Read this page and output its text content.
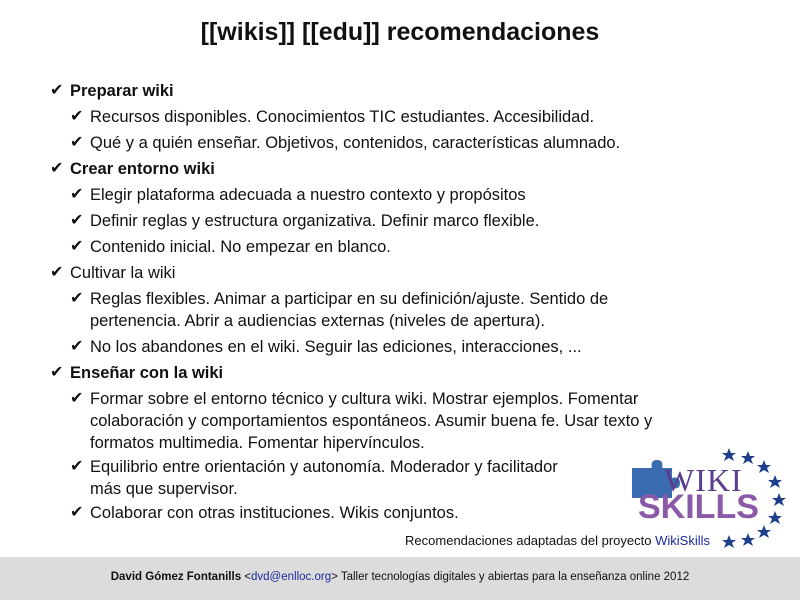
[[wikis]] [[edu]] recomendaciones
✔ Preparar wiki
✔ Recursos disponibles. Conocimientos TIC estudiantes. Accesibilidad.
✔ Qué y a quién enseñar. Objetivos, contenidos, características alumnado.
✔ Crear entorno wiki
✔ Elegir plataforma adecuada a nuestro contexto y propósitos
✔ Definir reglas y estructura organizativa. Definir marco flexible.
✔ Contenido inicial. No empezar en blanco.
✔ Cultivar la wiki
✔ Reglas flexibles. Animar a participar en su definición/ajuste. Sentido de pertenencia. Abrir a audiencias externas (niveles de apertura).
✔ No los abandones en el wiki. Seguir las ediciones, interacciones, ...
✔ Enseñar con la wiki
✔ Formar sobre el entorno técnico y cultura wiki. Mostrar ejemplos. Fomentar colaboración y comportamientos espontáneos. Asumir buena fe. Usar texto y formatos multimedia. Fomentar hipervínculos.
✔ Equilibrio entre orientación y autonomía. Moderador y facilitador más que supervisor.
✔ Colaborar con otras instituciones. Wikis conjuntos.
WIKI
SKILLS
Recomendaciones adaptadas del proyecto WikiSkills
David Gómez Fontanills <dvd@enlloc.org> Taller tecnologías digitales y abiertas para la enseñanza online 2012
